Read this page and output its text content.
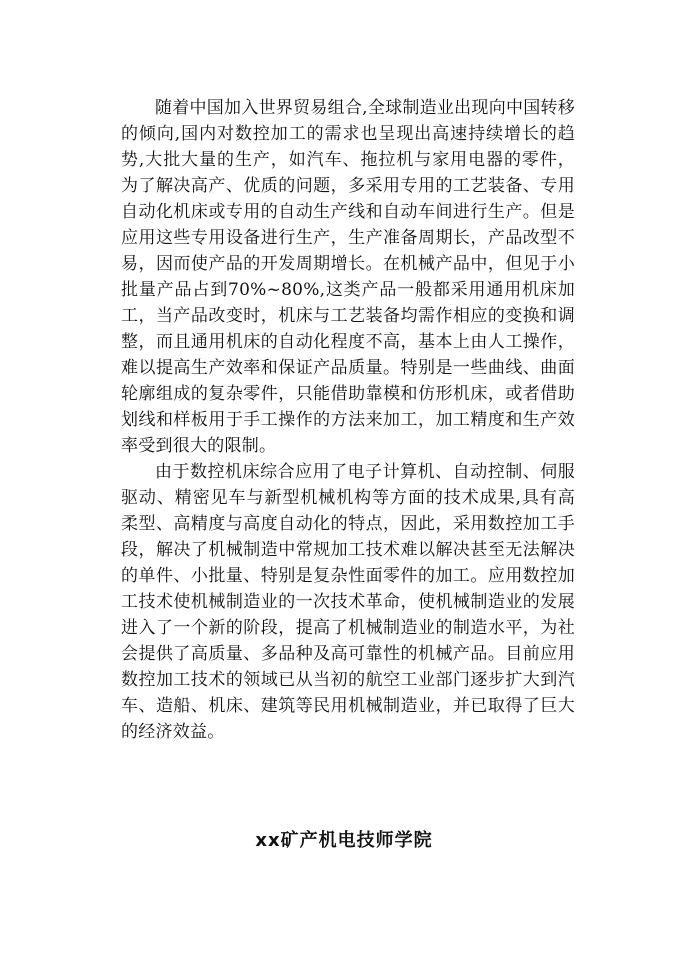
随着中国加入世界贸易组合,全球制造业出现向中国转移的倾向,国内对数控加工的需求也呈现出高速持续增长的趋势,大批大量的生产，如汽车、拖拉机与家用电器的零件，为了解决高产、优质的问题，多采用专用的工艺装备、专用自动化机床或专用的自动生产线和自动车间进行生产。但是应用这些专用设备进行生产，生产准备周期长，产品改型不易，因而使产品的开发周期增长。在机械产品中，但见于小批量产品占到70%~80%,这类产品一般都采用通用机床加工，当产品改变时，机床与工艺装备均需作相应的变换和调整，而且通用机床的自动化程度不高，基本上由人工操作，难以提高生产效率和保证产品质量。特别是一些曲线、曲面轮廓组成的复杂零件，只能借助靠模和仿形机床，或者借助划线和样板用于手工操作的方法来加工，加工精度和生产效率受到很大的限制。

由于数控机床综合应用了电子计算机、自动控制、伺服驱动、精密见车与新型机械机构等方面的技术成果,具有高柔型、高精度与高度自动化的特点，因此，采用数控加工手段，解决了机械制造中常规加工技术难以解决甚至无法解决的单件、小批量、特别是复杂性面零件的加工。应用数控加工技术使机械制造业的一次技术革命，使机械制造业的发展进入了一个新的阶段，提高了机械制造业的制造水平，为社会提供了高质量、多品种及高可靠性的机械产品。目前应用数控加工技术的领域已从当初的航空工业部门逐步扩大到汽车、造船、机床、建筑等民用机械制造业，并已取得了巨大的经济效益。

xx矿产机电技师学院
